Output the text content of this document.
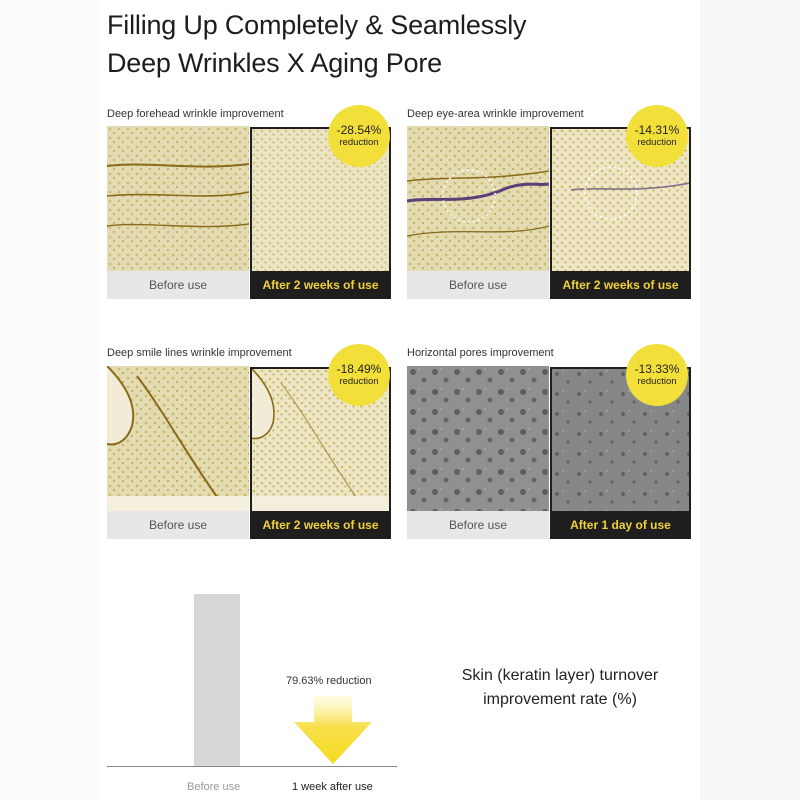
Filling Up Completely & Seamlessly
Deep Wrinkles X Aging Pore
Deep forehead wrinkle improvement
Before use	After 2 weeks of use
-28.54%
reduction
Deep eye-area wrinkle improvement
Before use	After 2 weeks of use
-14.31%
reduction
Deep smile lines wrinkle improvement
Before use	After 2 weeks of use
-18.49%
reduction
Horizontal pores improvement
Before use	After 1 day of use
-13.33%
reduction
79.63% reduction
Before use	1 week after use
Skin (keratin layer) turnover
improvement rate (%)
